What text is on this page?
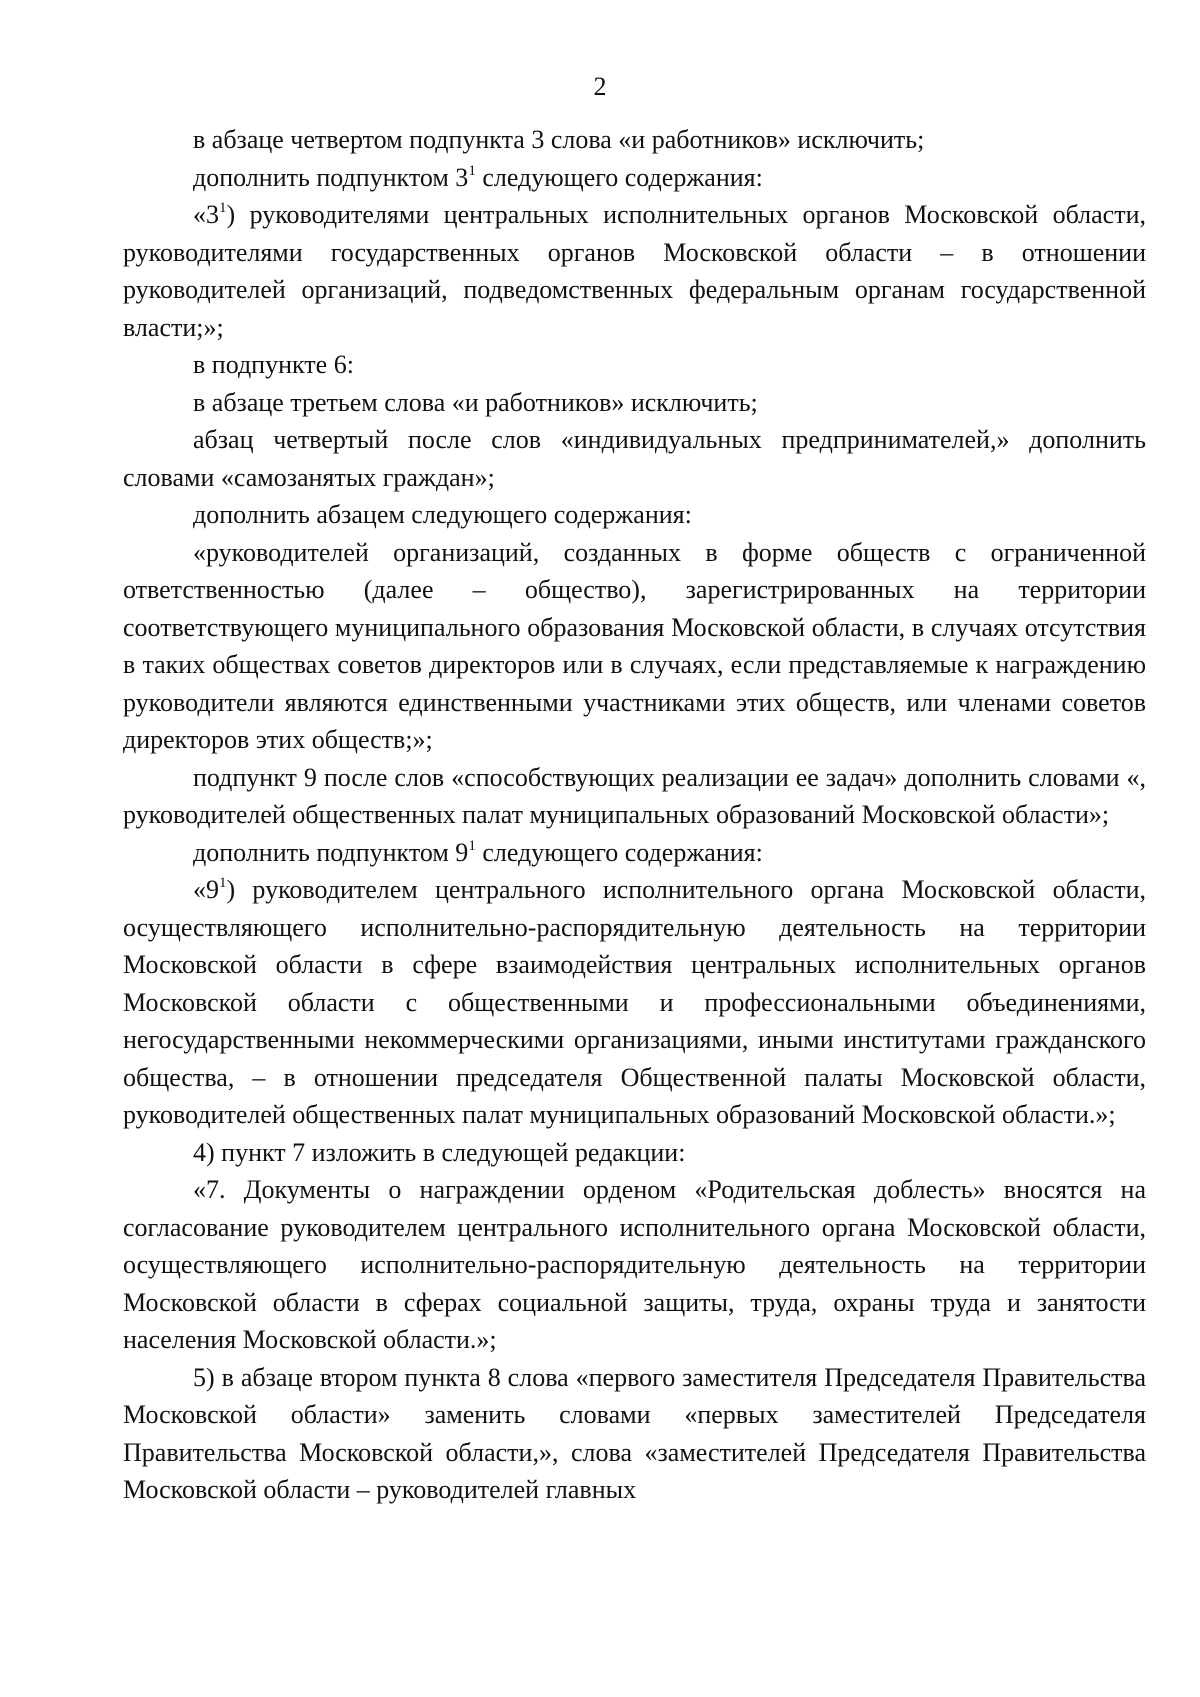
2

в абзаце четвертом подпункта 3 слова «и работников» исключить;

дополнить подпунктом $3^1$ следующего содержания:

«$3^1$) руководителями центральных исполнительных органов Московской области, руководителями государственных органов Московской области – в отношении руководителей организаций, подведомственных федеральным органам государственной власти;»;

в подпункте 6:

в абзаце третьем слова «и работников» исключить;

абзац четвертый после слов «индивидуальных предпринимателей,» дополнить словами «самозанятых граждан»;

дополнить абзацем следующего содержания:

«руководителей организаций, созданных в форме обществ с ограниченной ответственностью (далее – общество), зарегистрированных на территории соответствующего муниципального образования Московской области, в случаях отсутствия в таких обществах советов директоров или в случаях, если представляемые к награждению руководители являются единственными участниками этих обществ, или членами советов директоров этих обществ;»;

подпункт 9 после слов «способствующих реализации ее задач» дополнить словами «, руководителей общественных палат муниципальных образований Московской области»;

дополнить подпунктом $9^1$ следующего содержания:

«$9^1$) руководителем центрального исполнительного органа Московской области, осуществляющего исполнительно-распорядительную деятельность на территории Московской области в сфере взаимодействия центральных исполнительных органов Московской области с общественными и профессиональными объединениями, негосударственными некоммерческими организациями, иными институтами гражданского общества, – в отношении председателя Общественной палаты Московской области, руководителей общественных палат муниципальных образований Московской области.»;

4) пункт 7 изложить в следующей редакции:

«7. Документы о награждении орденом «Родительская доблесть» вносятся на согласование руководителем центрального исполнительного органа Московской области, осуществляющего исполнительно-распорядительную деятельность на территории Московской области в сферах социальной защиты, труда, охраны труда и занятости населения Московской области.»;

5) в абзаце втором пункта 8 слова «первого заместителя Председателя Правительства Московской области» заменить словами «первых заместителей Председателя Правительства Московской области,», слова «заместителей Председателя Правительства Московской области – руководителей главных
